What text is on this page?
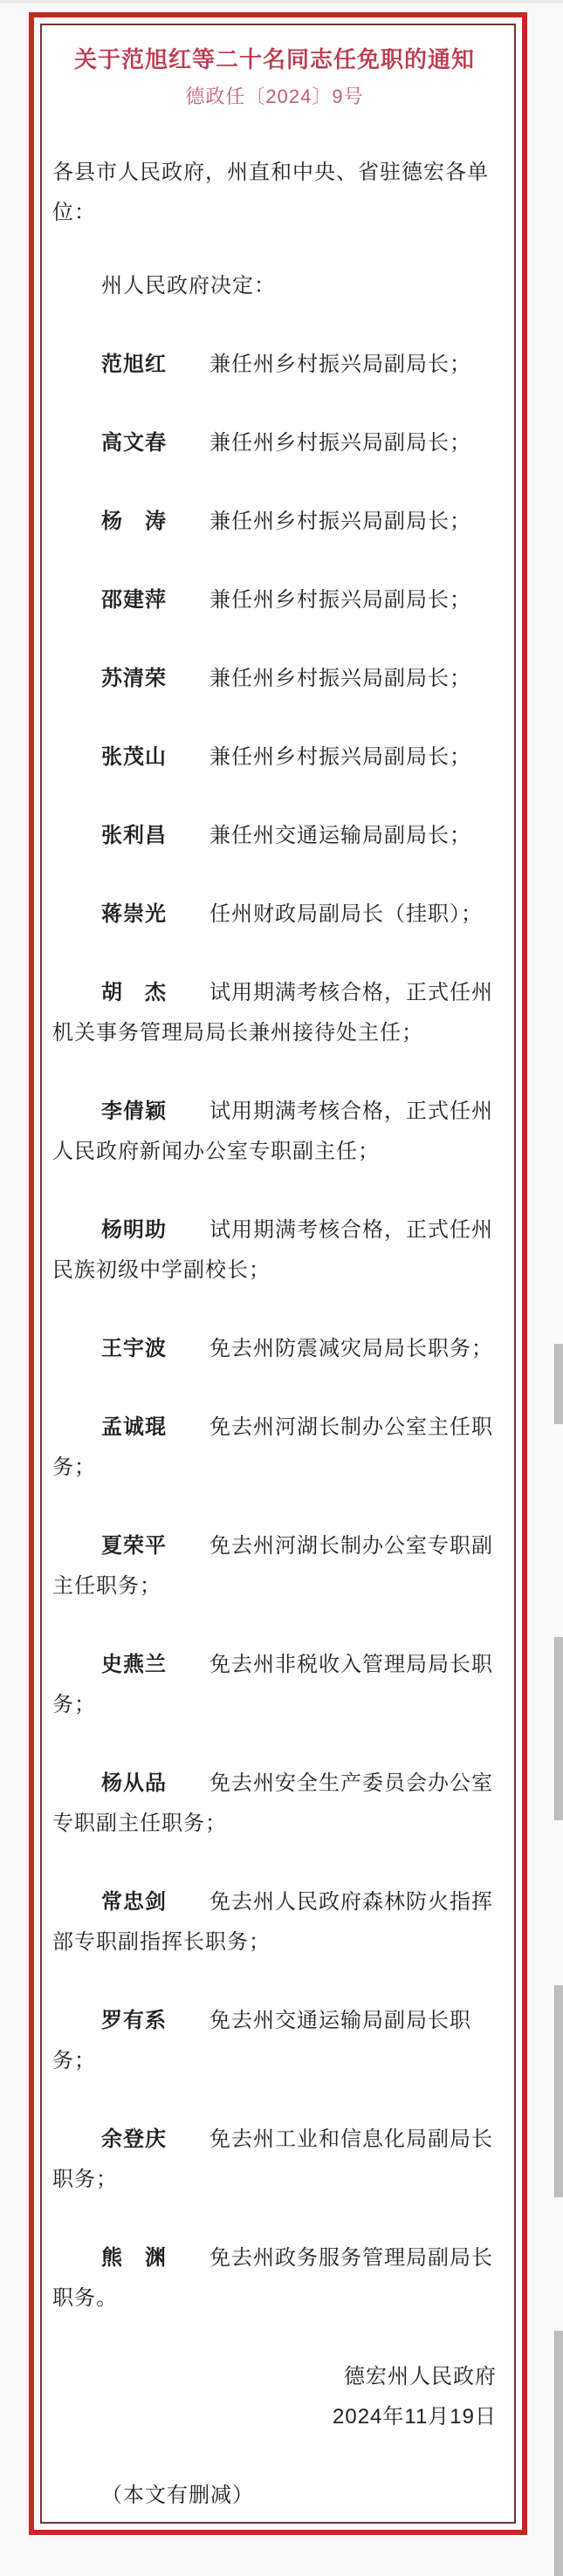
关于范旭红等二十名同志任免职的通知
德政任〔2024〕9号

各县市人民政府，州直和中央、省驻德宏各单位：

州人民政府决定：

范旭红 兼任州乡村振兴局副局长；

高文春 兼任州乡村振兴局副局长；

杨　涛 兼任州乡村振兴局副局长；

邵建萍 兼任州乡村振兴局副局长；

苏清荣 兼任州乡村振兴局副局长；

张茂山 兼任州乡村振兴局副局长；

张利昌 兼任州交通运输局副局长；

蒋崇光 任州财政局副局长（挂职）；

胡　杰 试用期满考核合格，正式任州机关事务管理局局长兼州接待处主任；

李倩颖 试用期满考核合格，正式任州人民政府新闻办公室专职副主任；

杨明助 试用期满考核合格，正式任州民族初级中学副校长；

王宇波 免去州防震减灾局局长职务；

孟诚琨 免去州河湖长制办公室主任职务；

夏荣平 免去州河湖长制办公室专职副主任职务；

史燕兰 免去州非税收入管理局局长职务；

杨从品 免去州安全生产委员会办公室专职副主任职务；

常忠剑 免去州人民政府森林防火指挥部专职副指挥长职务；

罗有系 免去州交通运输局副局长职务；

余登庆 免去州工业和信息化局副局长职务；

熊　渊 免去州政务服务管理局副局长职务。

德宏州人民政府
2024年11月19日

（本文有删减）
